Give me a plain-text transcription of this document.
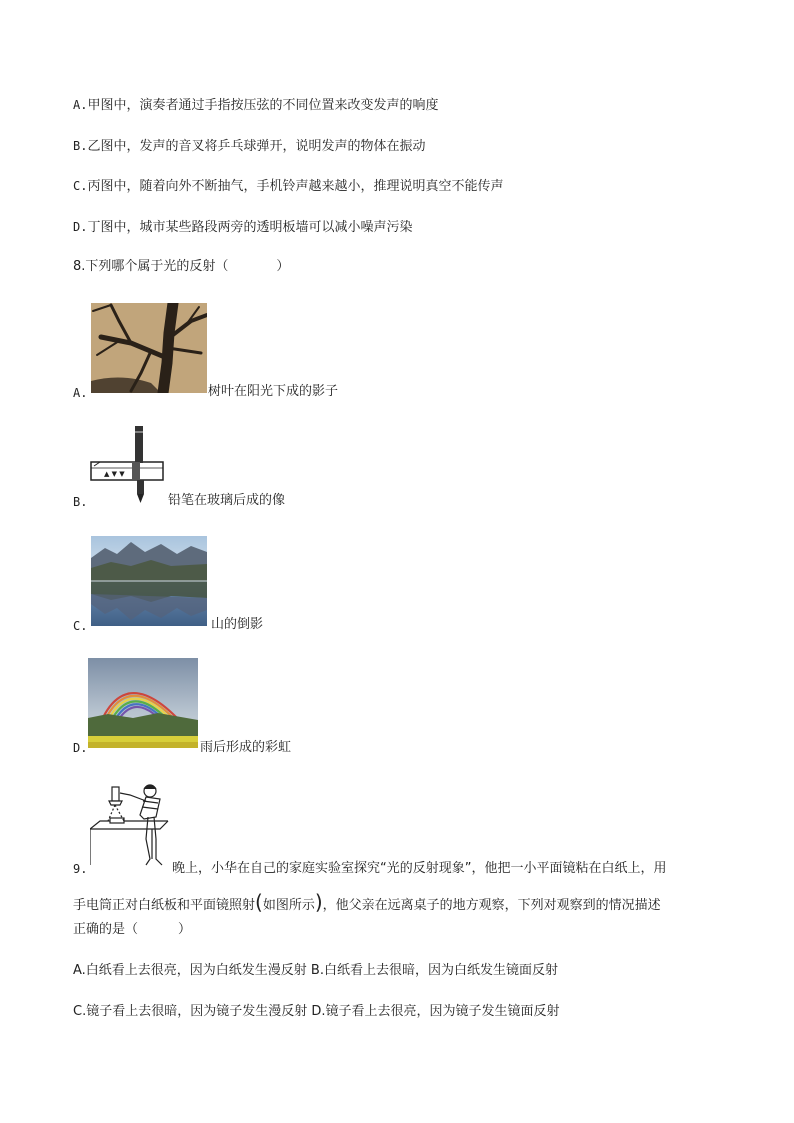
A.甲图中，演奏者通过手指按压弦的不同位置来改变发声的响度
B.乙图中，发声的音叉将乒乓球弹开，说明发声的物体在振动
C.丙图中，随着向外不断抽气，手机铃声越来越小，推理说明真空不能传声
D.丁图中，城市某些路段两旁的透明板墙可以减小噪声污染
8.下列哪个属于光的反射（	）
A.	树叶在阳光下成的影子
B.
▲ ▼ ▼
铅笔在玻璃后成的像
C.	山的倒影
D.	雨后形成的彩虹
9.	晚上，小华在自己的家庭实验室探究“光的反射现象”，他把一小平面镜粘在白纸上，用
手电筒正对白纸板和平面镜照射(如图所示)，他父亲在远离桌子的地方观察，下列对观察到的情况描述
正确的是（	）
A.白纸看上去很亮，因为白纸发生漫反射 B.白纸看上去很暗，因为白纸发生镜面反射
C.镜子看上去很暗，因为镜子发生漫反射 D.镜子看上去很亮，因为镜子发生镜面反射
